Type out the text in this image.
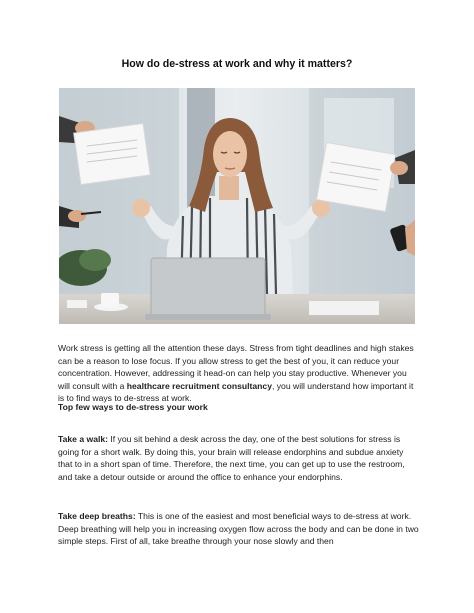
How do de-stress at work and why it matters?

Work stress is getting all the attention these days. Stress from tight deadlines and high stakes can be a reason to lose focus. If you allow stress to get the best of you, it can reduce your concentration. However, addressing it head-on can help you stay productive. Whenever you will consult with a healthcare recruitment consultancy, you will understand how important it is to find ways to de-stress at work.

Top few ways to de-stress your work

Take a walk: If you sit behind a desk across the day, one of the best solutions for stress is going for a short walk. By doing this, your brain will release endorphins and subdue anxiety that to in a short span of time. Therefore, the next time, you can get up to use the restroom, and take a detour outside or around the office to enhance your endorphins.

Take deep breaths: This is one of the easiest and most beneficial ways to de-stress at work. Deep breathing will help you in increasing oxygen flow across the body and can be done in two simple steps. First of all, take breathe through your nose slowly and then
